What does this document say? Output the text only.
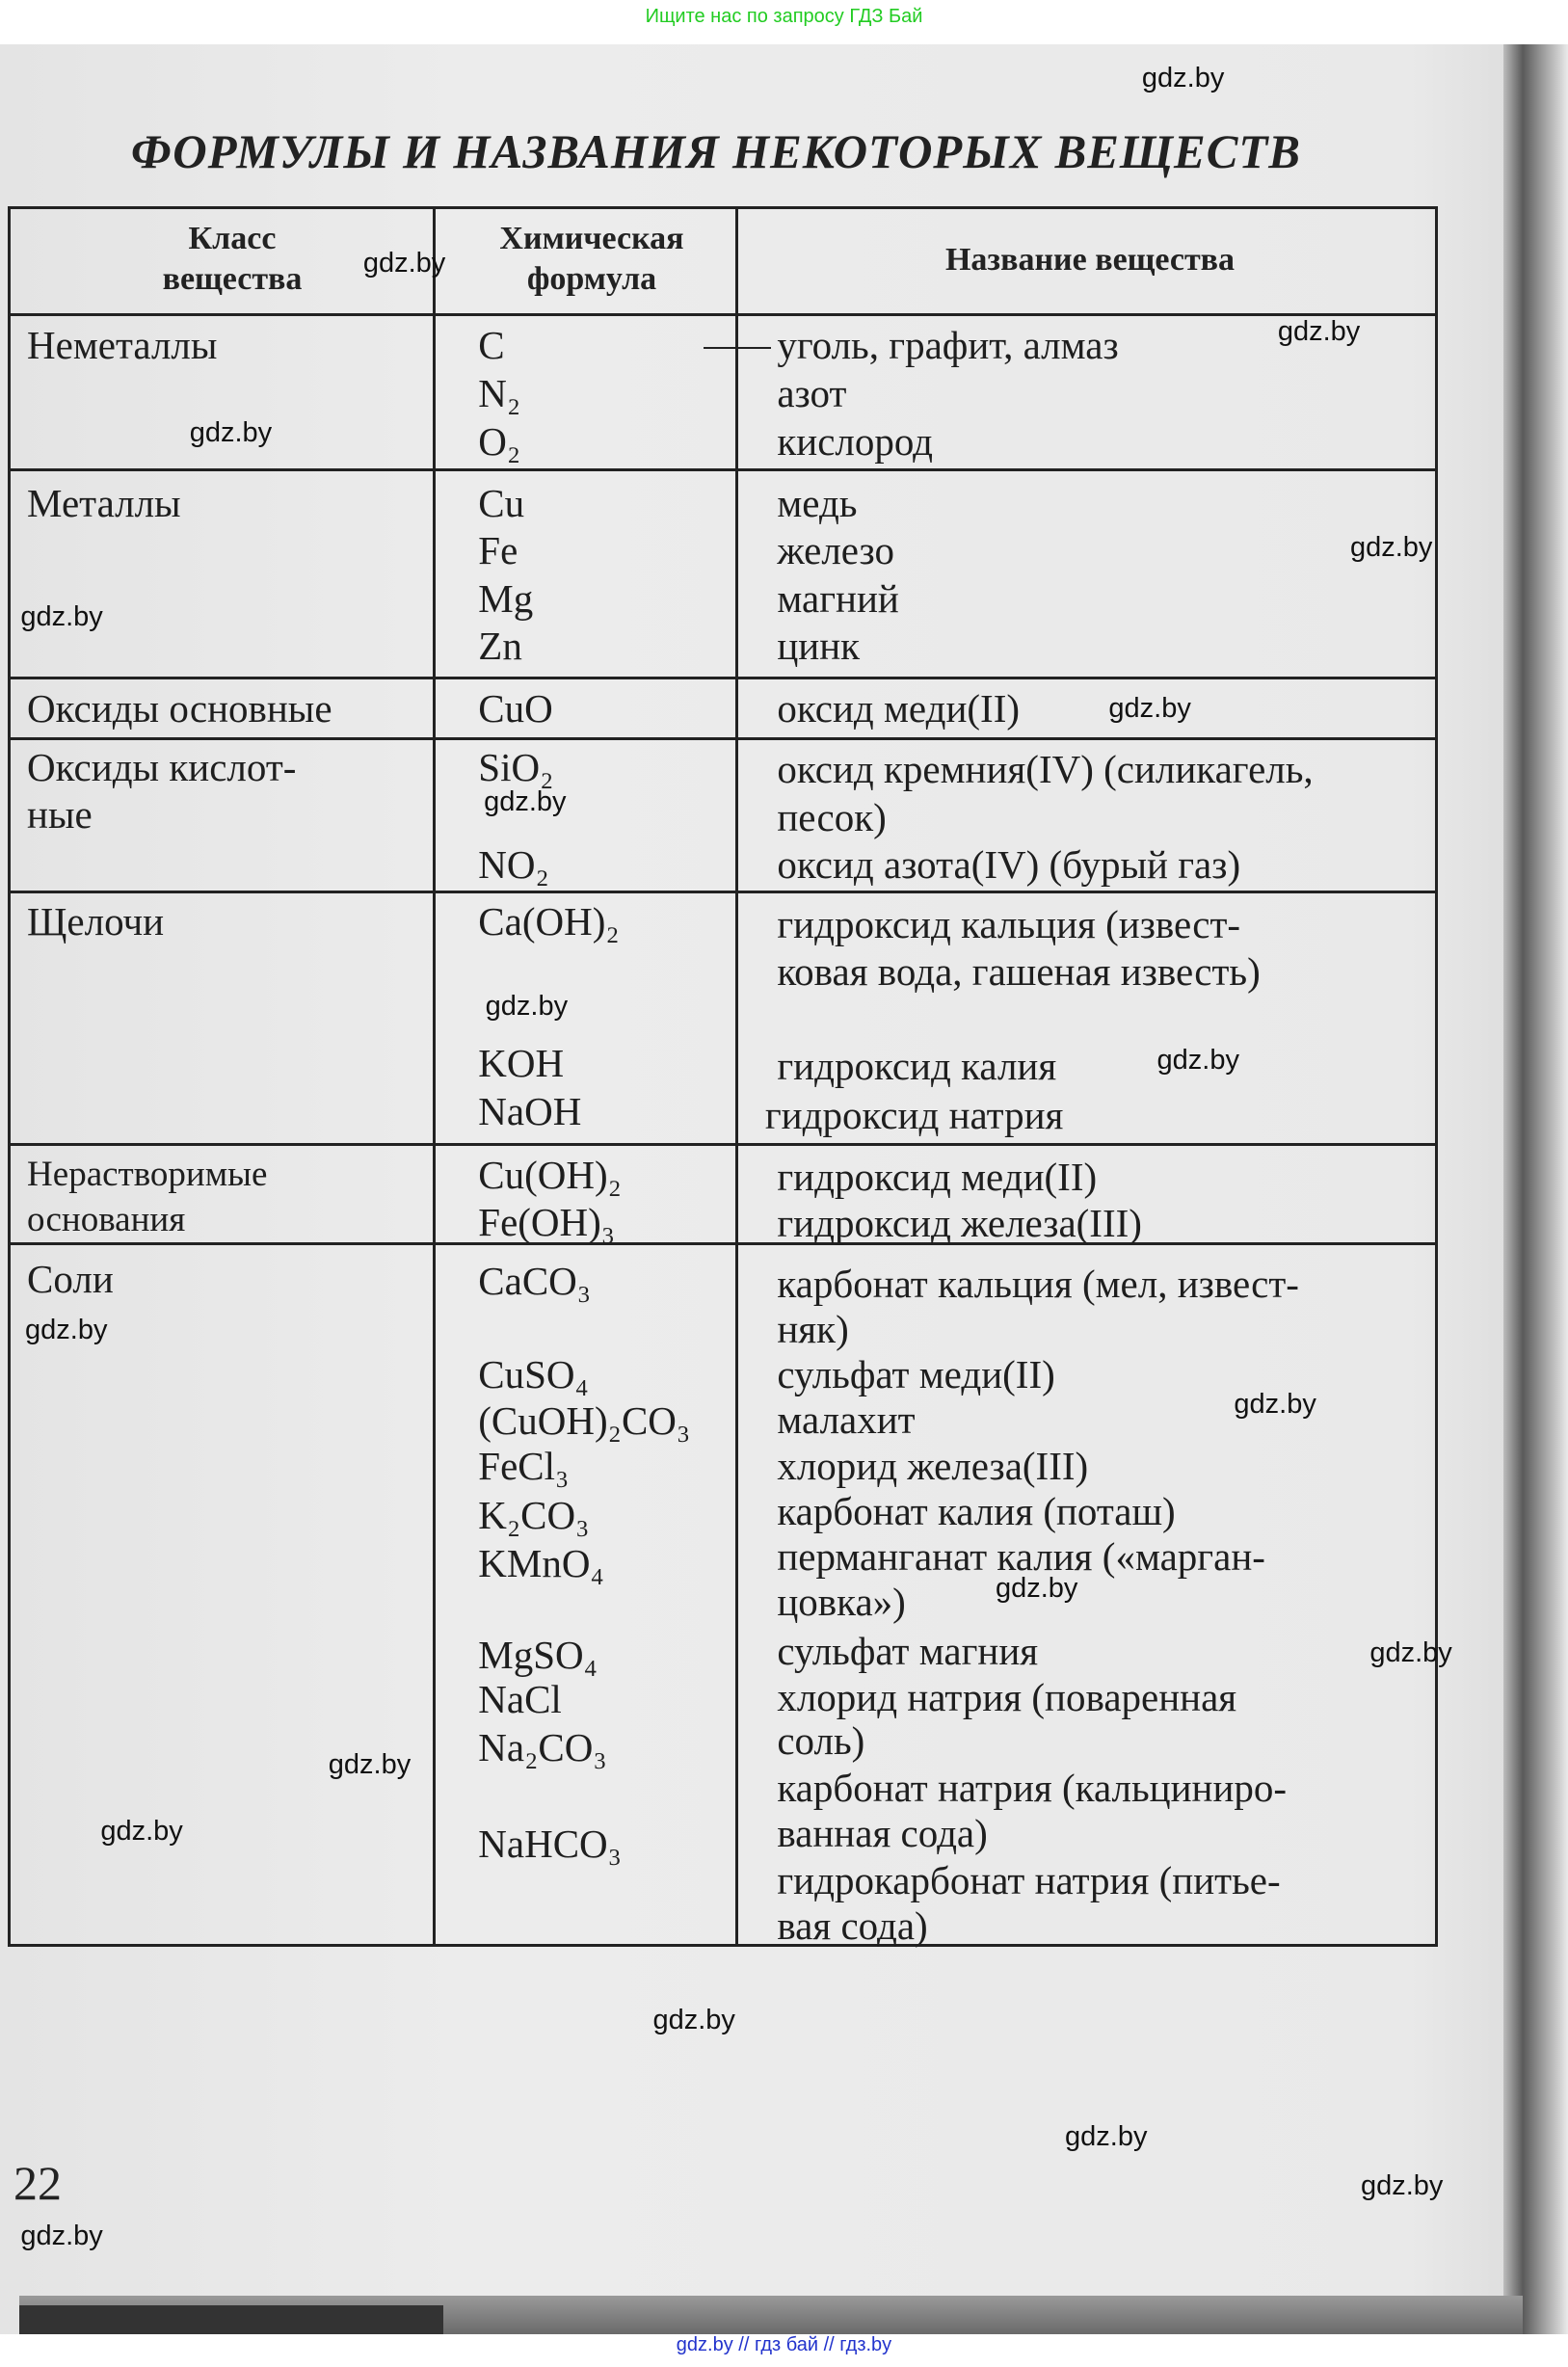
Ищите нас по запросу ГДЗ Бай
ФОРМУЛЫ И НАЗВАНИЯ НЕКОТОРЫХ ВЕЩЕСТВ
Класс
вещества
Химическая
формула
Название вещества
Неметаллы
Металлы
Оксиды основные
Оксиды кислот-
ные
Щелочи
Нерастворимые
основания
Соли
C
N₂
O₂
Cu
Fe
Mg
Zn
CuO
SiO₂
NO₂
Ca(OH)₂
KOH
NaOH
Cu(OH)₂
Fe(OH)₃
CaCO₃
CuSO₄
(CuOH)₂CO₃
FeCl₃
K₂CO₃
KMnO₄
MgSO₄
NaCl
Na₂CO₃
NaHCO₃
уголь, графит, алмаз
азот
кислород
медь
железо
магний
цинк
оксид меди(II)
оксид кремния(IV) (силикагель,
песок)
оксид азота(IV) (бурый газ)
гидроксид кальция (извест-
ковая вода, гашеная известь)
гидроксид калия
гидроксид натрия
гидроксид меди(II)
гидроксид железа(III)
карбонат кальция (мел, извест-
няк)
сульфат меди(II)
малахит
хлорид железа(III)
карбонат калия (поташ)
перманганат калия («марган-
цовка»)
сульфат магния
хлорид натрия (поваренная
соль)
карбонат натрия (кальциниро-
ванная сода)
гидрокарбонат натрия (питье-
вая сода)
22
gdz.by // гдз бай // гдз.by
gdz.by
gdz.by
gdz.by
gdz.by
gdz.by
gdz.by
gdz.by
gdz.by
gdz.by
gdz.by
gdz.by
gdz.by
gdz.by
gdz.by
gdz.by
gdz.by
gdz.by
gdz.by
gdz.by
gdz.by
